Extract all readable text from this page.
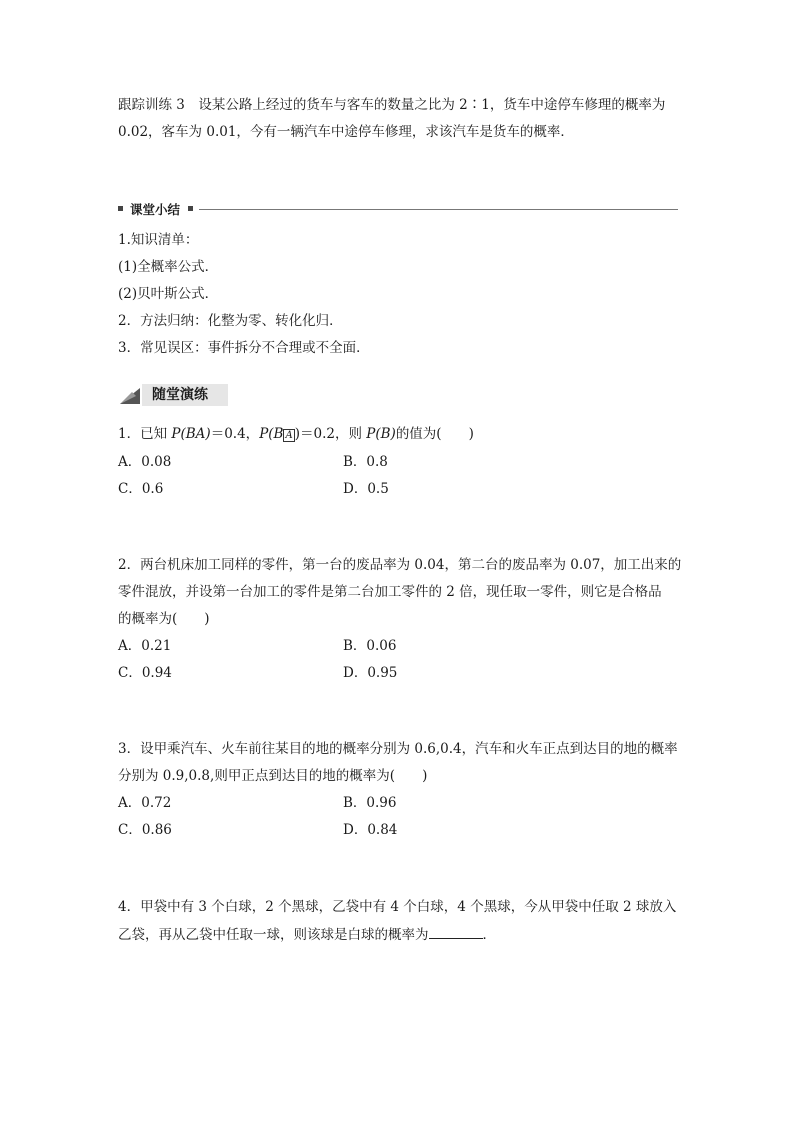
跟踪训练 3　设某公路上经过的货车与客车的数量之比为 2∶1，货车中途停车修理的概率为
0.02，客车为 0.01，今有一辆汽车中途停车修理，求该汽车是货车的概率．
课堂小结
1.知识清单：
(1)全概率公式．
(2)贝叶斯公式．
2．方法归纳：化整为零、转化化归．
3．常见误区：事件拆分不合理或不全面．
随堂演练
1．已知 P(BA)＝0.4，P(B A )＝0.2，则 P(B)的值为(　　)
A．0.08	B．0.8
C．0.6	D．0.5
2．两台机床加工同样的零件，第一台的废品率为 0.04，第二台的废品率为 0.07，加工出来的
零件混放，并设第一台加工的零件是第二台加工零件的 2 倍，现任取一零件，则它是合格品
的概率为(　　)
A．0.21	B．0.06
C．0.94	D．0.95
3．设甲乘汽车、火车前往某目的地的概率分别为 0.6,0.4，汽车和火车正点到达目的地的概率
分别为 0.9,0.8,则甲正点到达目的地的概率为(　　)
A．0.72	B．0.96
C．0.86	D．0.84
4．甲袋中有 3 个白球，2 个黑球，乙袋中有 4 个白球，4 个黑球，今从甲袋中任取 2 球放入
乙袋，再从乙袋中任取一球，则该球是白球的概率为	．
